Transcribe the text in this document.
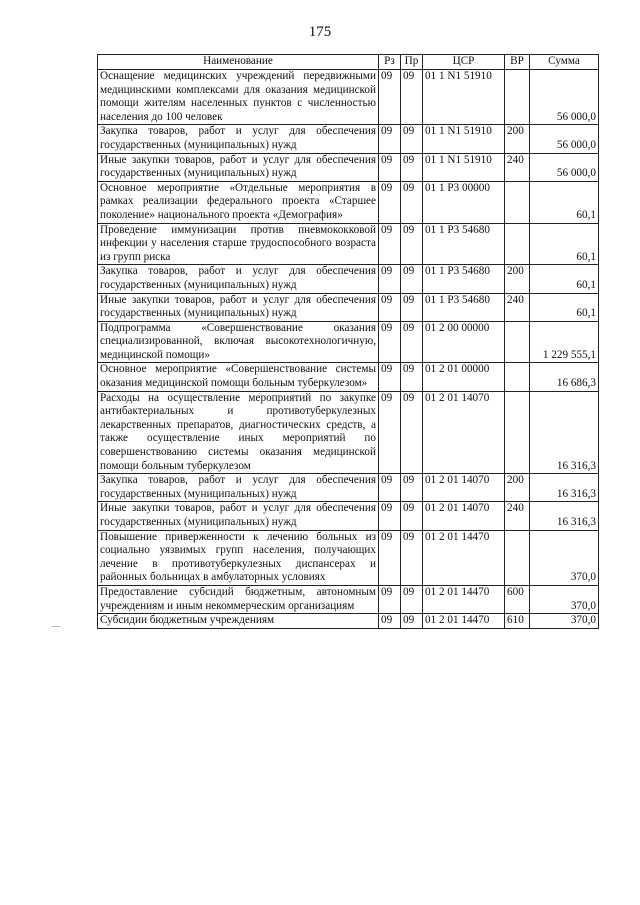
175
Наименование	Рз	Пр	ЦСР	ВР	Сумма
Оснащение медицинских учреждений передвижными медицинскими комплексами для оказания медицинской помощи жителям населенных пунктов с численностью населения до 100 человек	09	09	01 1 N1 51910		56 000,0
Закупка товаров, работ и услуг для обеспечения государственных (муниципальных) нужд	09	09	01 1 N1 51910	200	56 000,0
Иные закупки товаров, работ и услуг для обеспечения государственных (муниципальных) нужд	09	09	01 1 N1 51910	240	56 000,0
Основное мероприятие «Отдельные мероприятия в рамках реализации федерального проекта «Старшее поколение» национального проекта «Демография»	09	09	01 1 P3 00000		60,1
Проведение иммунизации против пневмококковой инфекции у населения старше трудоспособного возраста из групп риска	09	09	01 1 P3 54680		60,1
Закупка товаров, работ и услуг для обеспечения государственных (муниципальных) нужд	09	09	01 1 P3 54680	200	60,1
Иные закупки товаров, работ и услуг для обеспечения государственных (муниципальных) нужд	09	09	01 1 P3 54680	240	60,1
Подпрограмма «Совершенствование оказания специализированной, включая высокотехнологичную, медицинской помощи»	09	09	01 2 00 00000		1 229 555,1
Основное мероприятие «Совершенствование системы оказания медицинской помощи больным туберкулезом»	09	09	01 2 01 00000		16 686,3
Расходы на осуществление мероприятий по закупке антибактериальных и противотуберкулезных лекарственных препаратов, диагностических средств, а также осуществление иных мероприятий по совершенствованию системы оказания медицинской помощи больным туберкулезом	09	09	01 2 01 14070		16 316,3
Закупка товаров, работ и услуг для обеспечения государственных (муниципальных) нужд	09	09	01 2 01 14070	200	16 316,3
Иные закупки товаров, работ и услуг для обеспечения государственных (муниципальных) нужд	09	09	01 2 01 14070	240	16 316,3
Повышение приверженности к лечению больных из социально уязвимых групп населения, получающих лечение в противотуберкулезных диспансерах и районных больницах в амбулаторных условиях	09	09	01 2 01 14470		370,0
Предоставление субсидий бюджетным, автономным учреждениям и иным некоммерческим организациям	09	09	01 2 01 14470	600	370,0
Субсидии бюджетным учреждениям	09	09	01 2 01 14470	610	370,0
